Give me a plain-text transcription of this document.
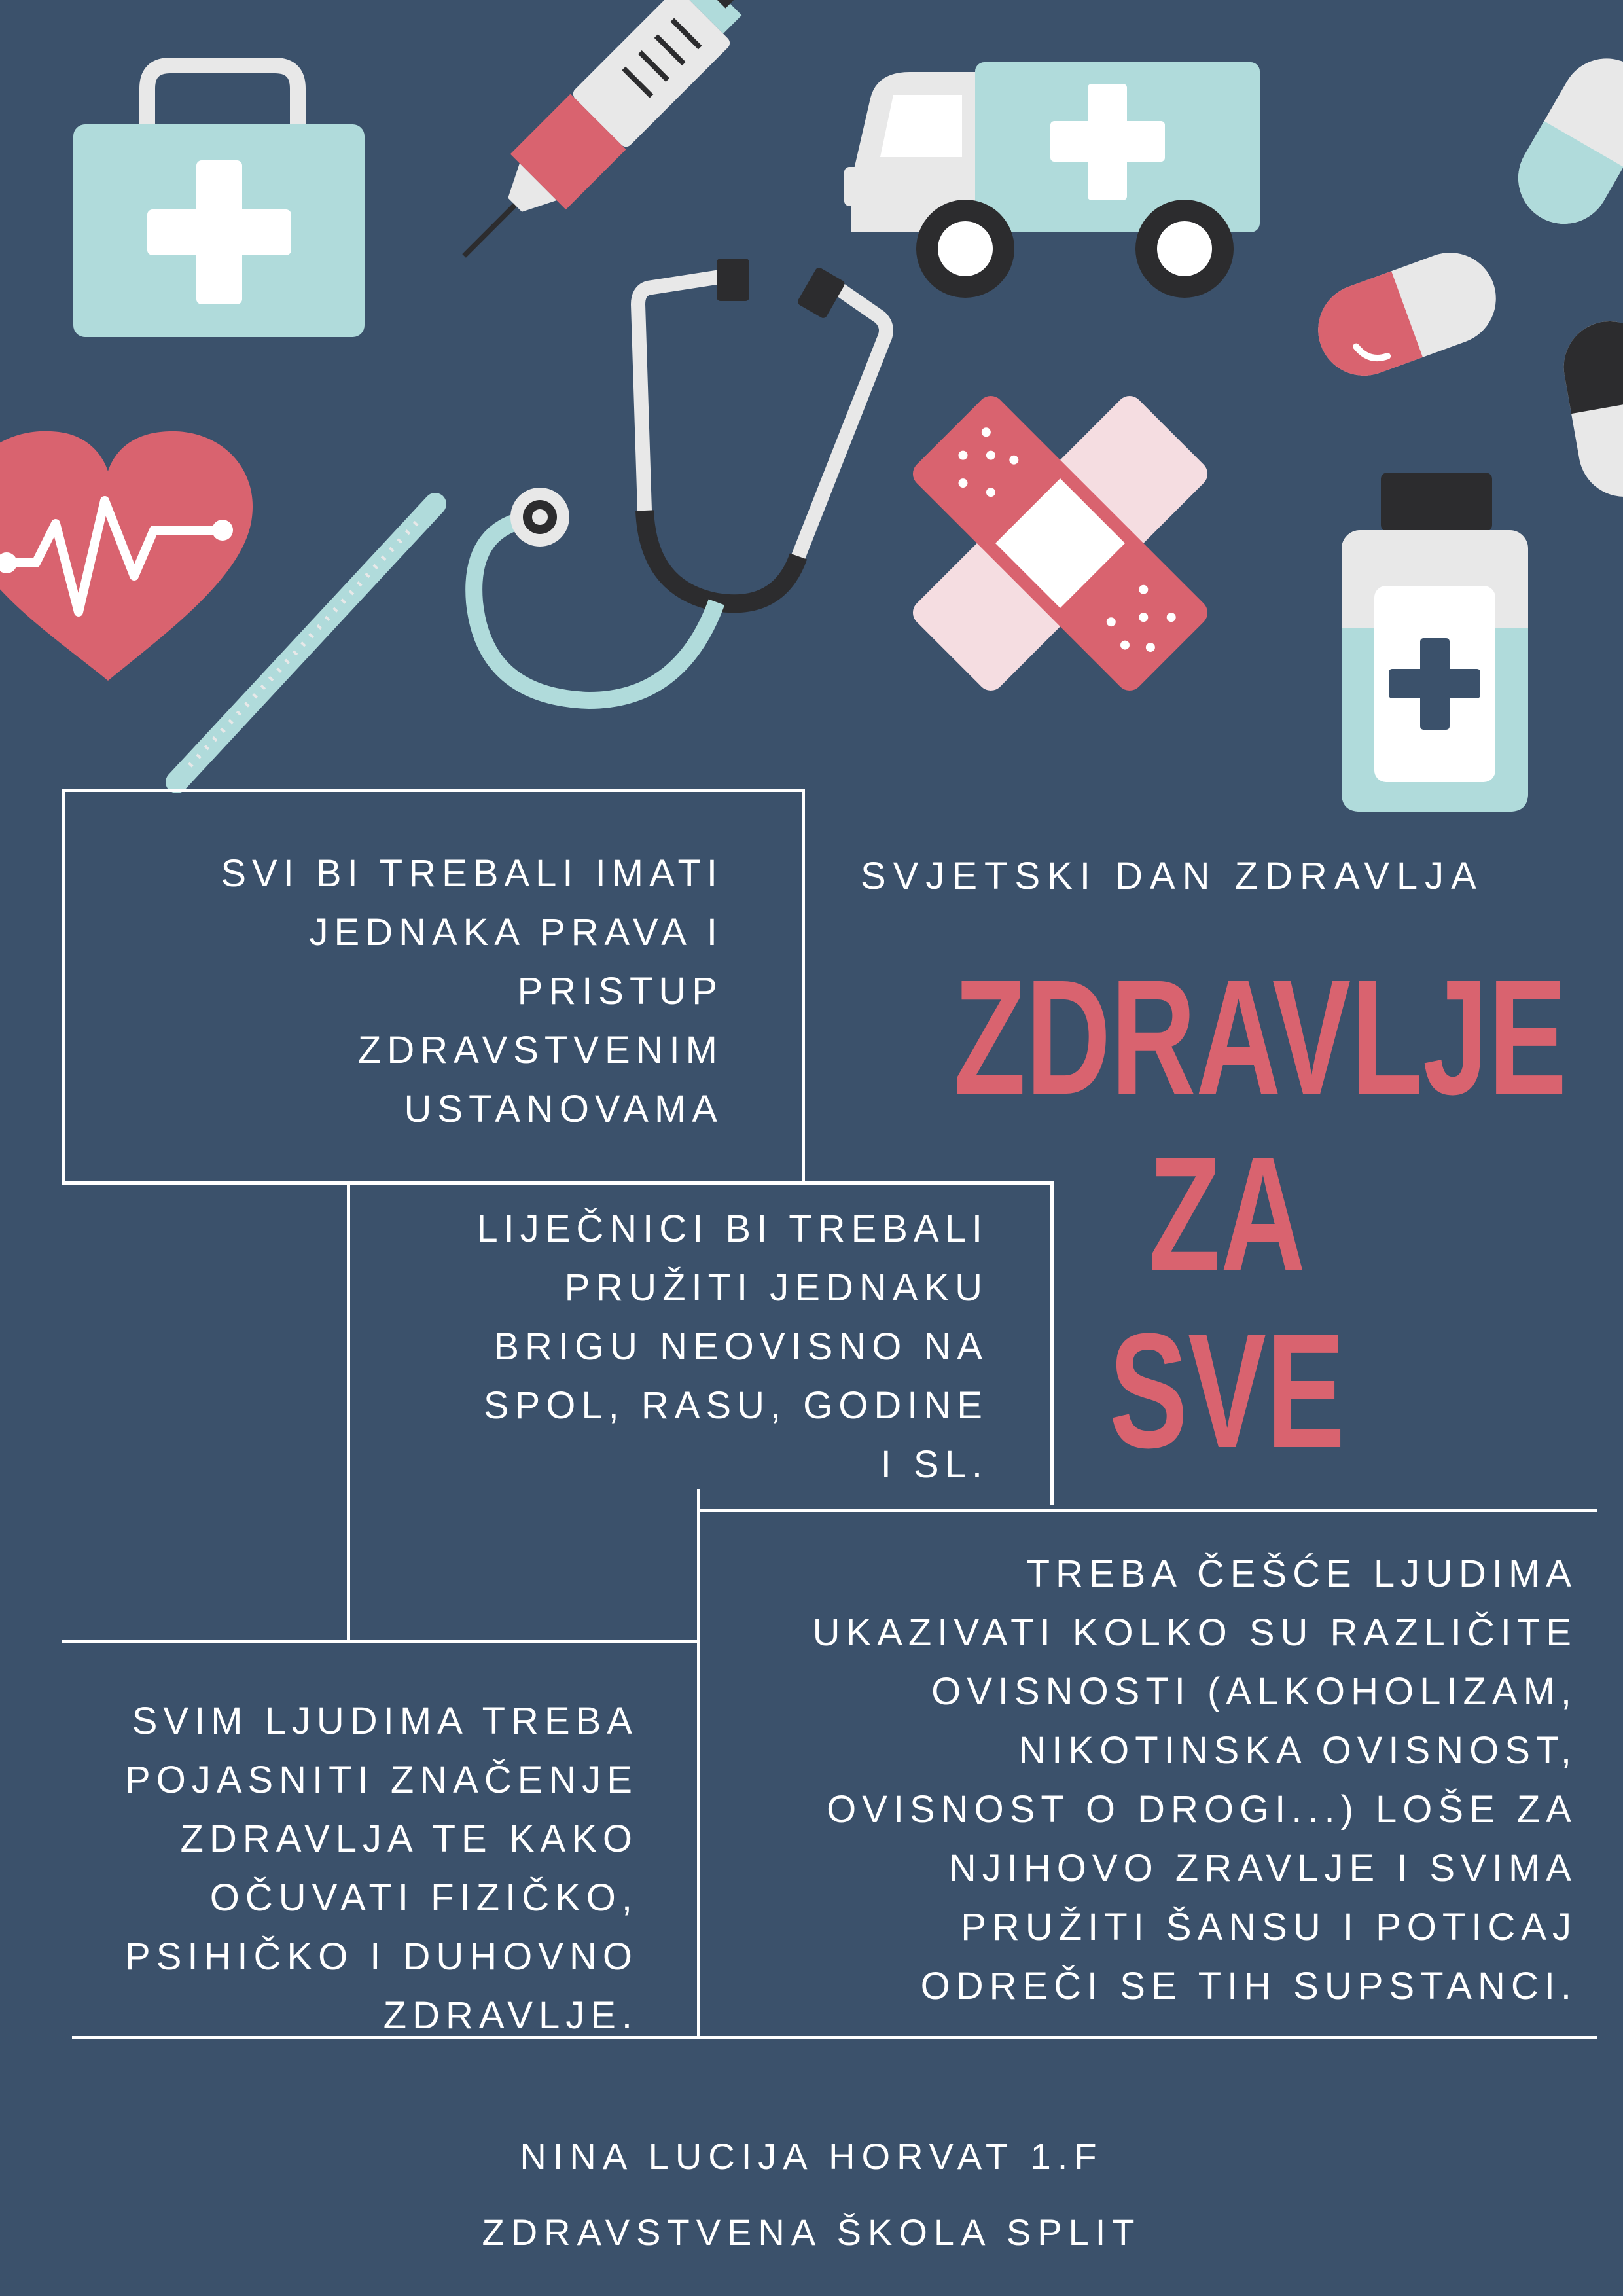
SVI BI TREBALI IMATI
JEDNAKA PRAVA I
PRISTUP
ZDRAVSTVENIM
USTANOVAMA
LIJEČNICI BI TREBALI
PRUŽITI JEDNAKU
BRIGU NEOVISNO NA
SPOL, RASU, GODINE
I SL.
TREBA ČEŠĆE LJUDIMA
UKAZIVATI KOLKO SU RAZLIČITE
OVISNOSTI (ALKOHOLIZAM,
NIKOTINSKA OVISNOST,
OVISNOST O DROGI...) LOŠE ZA
NJIHOVO ZRAVLJE I SVIMA
PRUŽITI ŠANSU I POTICAJ
ODREČI SE TIH SUPSTANCI.
SVIM LJUDIMA TREBA
POJASNITI ZNAČENJE
ZDRAVLJA TE KAKO
OČUVATI FIZIČKO,
PSIHIČKO I DUHOVNO
ZDRAVLJE.
SVJETSKI DAN ZDRAVLJA
ZDRAVLJE ZA
SVE
NINA LUCIJA HORVAT 1.F
ZDRAVSTVENA ŠKOLA SPLIT
